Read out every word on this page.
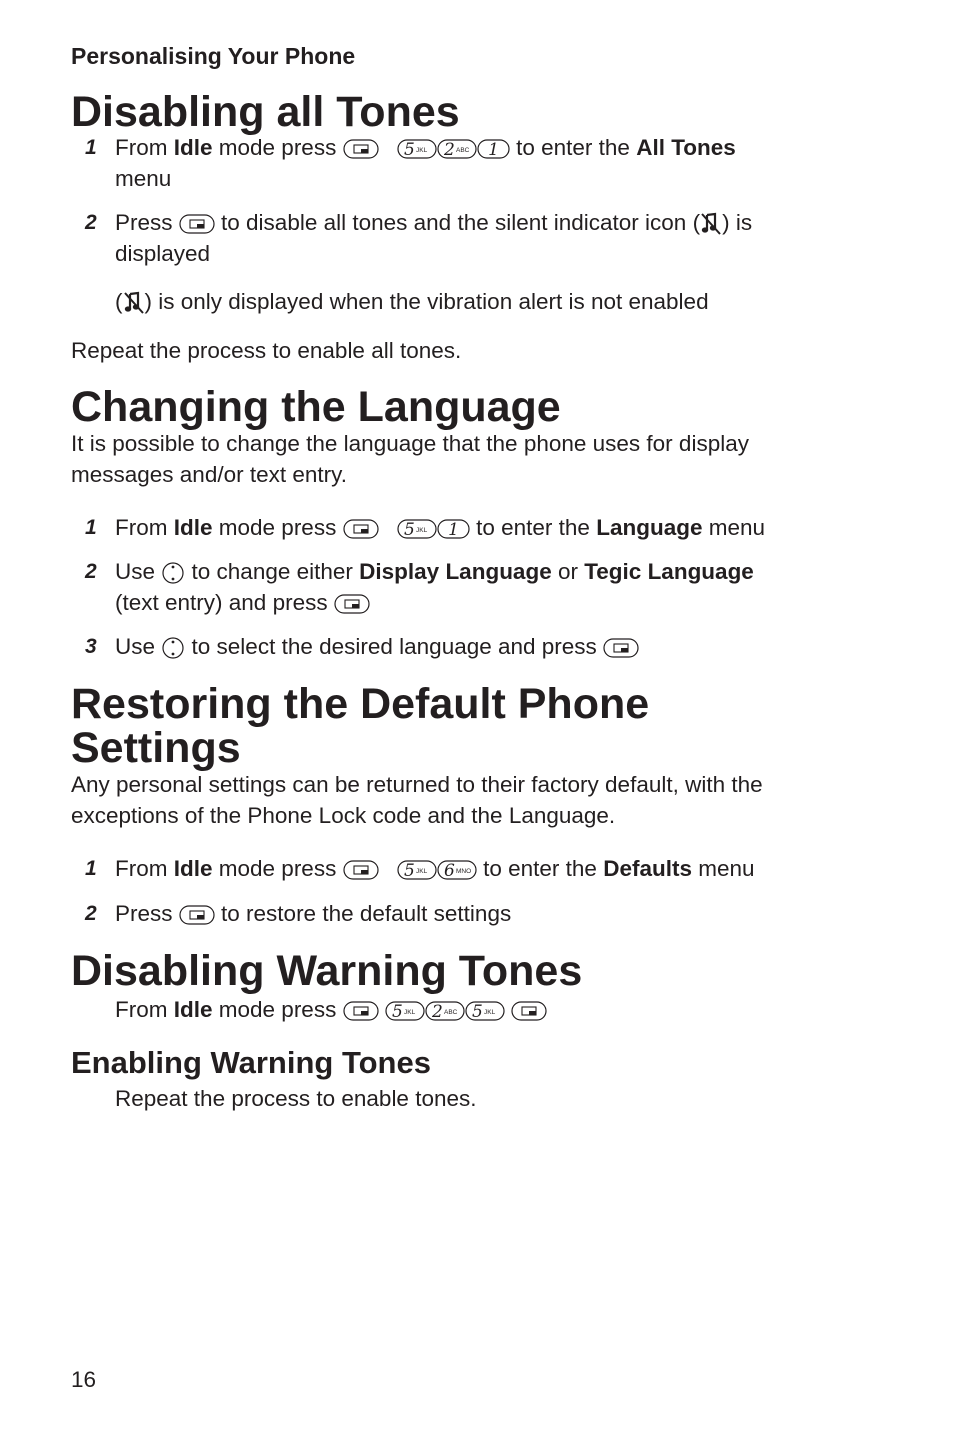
Personalising Your Phone
Disabling all Tones
1 From Idle mode press
	5 JKL 2 ABC 1 to enter the All Tones
menu
2 Press
to disable all tones and the silent indicator icon ( ) is displayed

( ) is only displayed when the vibration alert is not enabled

Repeat the process to enable all tones.

Changing the Language

It is possible to change the language that the phone uses for display messages and/or text entry.

1 From Idle mode press
	5 JKL 1 to enter the Language menu
2 Use
to change either Display Language or Tegic Language
(text entry) and press
3 Use
to select the desired language and press
Restoring the Default Phone
Settings

Any personal settings can be returned to their factory default, with the exceptions of the Phone Lock code and the Language.

1 From Idle mode press
	5 JKL 6 MNO to enter the Defaults menu
2 Press
to restore the default settings
Disabling Warning Tones

From Idle mode press
	5 JKL 2 ABC 5 JKL

Enabling Warning Tones

Repeat the process to enable tones.

16
